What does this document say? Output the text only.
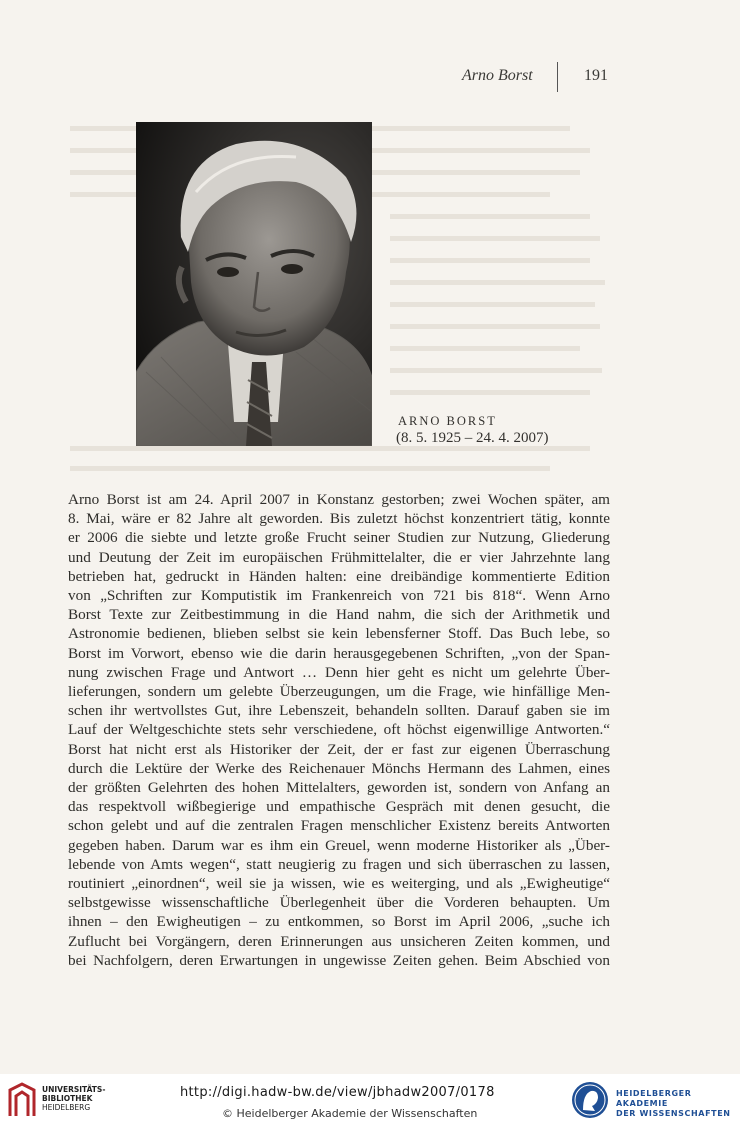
Arno Borst	191
ARNO BORST
(8. 5. 1925 – 24. 4. 2007)
Arno Borst ist am 24. April 2007 in Konstanz gestorben; zwei Wochen später, am
8. Mai, wäre er 82 Jahre alt geworden. Bis zuletzt höchst konzentriert tätig, konnte
er 2006 die siebte und letzte große Frucht seiner Studien zur Nutzung, Gliederung
und Deutung der Zeit im europäischen Frühmittelalter, die er vier Jahrzehnte lang
betrieben hat, gedruckt in Händen halten: eine dreibändige kommentierte Edition
von „Schriften zur Komputistik im Frankenreich von 721 bis 818“. Wenn Arno
Borst Texte zur Zeitbestimmung in die Hand nahm, die sich der Arithmetik und
Astronomie bedienen, blieben selbst sie kein lebensferner Stoff. Das Buch lebe, so
Borst im Vorwort, ebenso wie die darin herausgegebenen Schriften, „von der Span-
nung zwischen Frage und Antwort … Denn hier geht es nicht um gelehrte Über-
lieferungen, sondern um gelebte Überzeugungen, um die Frage, wie hinfällige Men-
schen ihr wertvollstes Gut, ihre Lebenszeit, behandeln sollten. Darauf gaben sie im
Lauf der Weltgeschichte stets sehr verschiedene, oft höchst eigenwillige Antworten.“
Borst hat nicht erst als Historiker der Zeit, der er fast zur eigenen Überraschung
durch die Lektüre der Werke des Reichenauer Mönchs Hermann des Lahmen, eines
der größten Gelehrten des hohen Mittelalters, geworden ist, sondern von Anfang an
das respektvoll wißbegierige und empathische Gespräch mit denen gesucht, die
schon gelebt und auf die zentralen Fragen menschlicher Existenz bereits Antworten
gegeben haben. Darum war es ihm ein Greuel, wenn moderne Historiker als „Über-
lebende von Amts wegen“, statt neugierig zu fragen und sich überraschen zu lassen,
routiniert „einordnen“, weil sie ja wissen, wie es weiterging, und als „Ewigheutige“
selbstgewisse wissenschaftliche Überlegenheit über die Vorderen behaupten. Um
ihnen – den Ewigheutigen – zu entkommen, so Borst im April 2006, „suche ich
Zuflucht bei Vorgängern, deren Erinnerungen aus unsicheren Zeiten kommen, und
bei Nachfolgern, deren Erwartungen in ungewisse Zeiten gehen. Beim Abschied von
UNIVERSITÄTS-
BIBLIOTHEK
HEIDELBERG
http://digi.hadw-bw.de/view/jbhadw2007/0178
© Heidelberger Akademie der Wissenschaften
HEIDELBERGER AKADEMIE
DER WISSENSCHAFTEN
